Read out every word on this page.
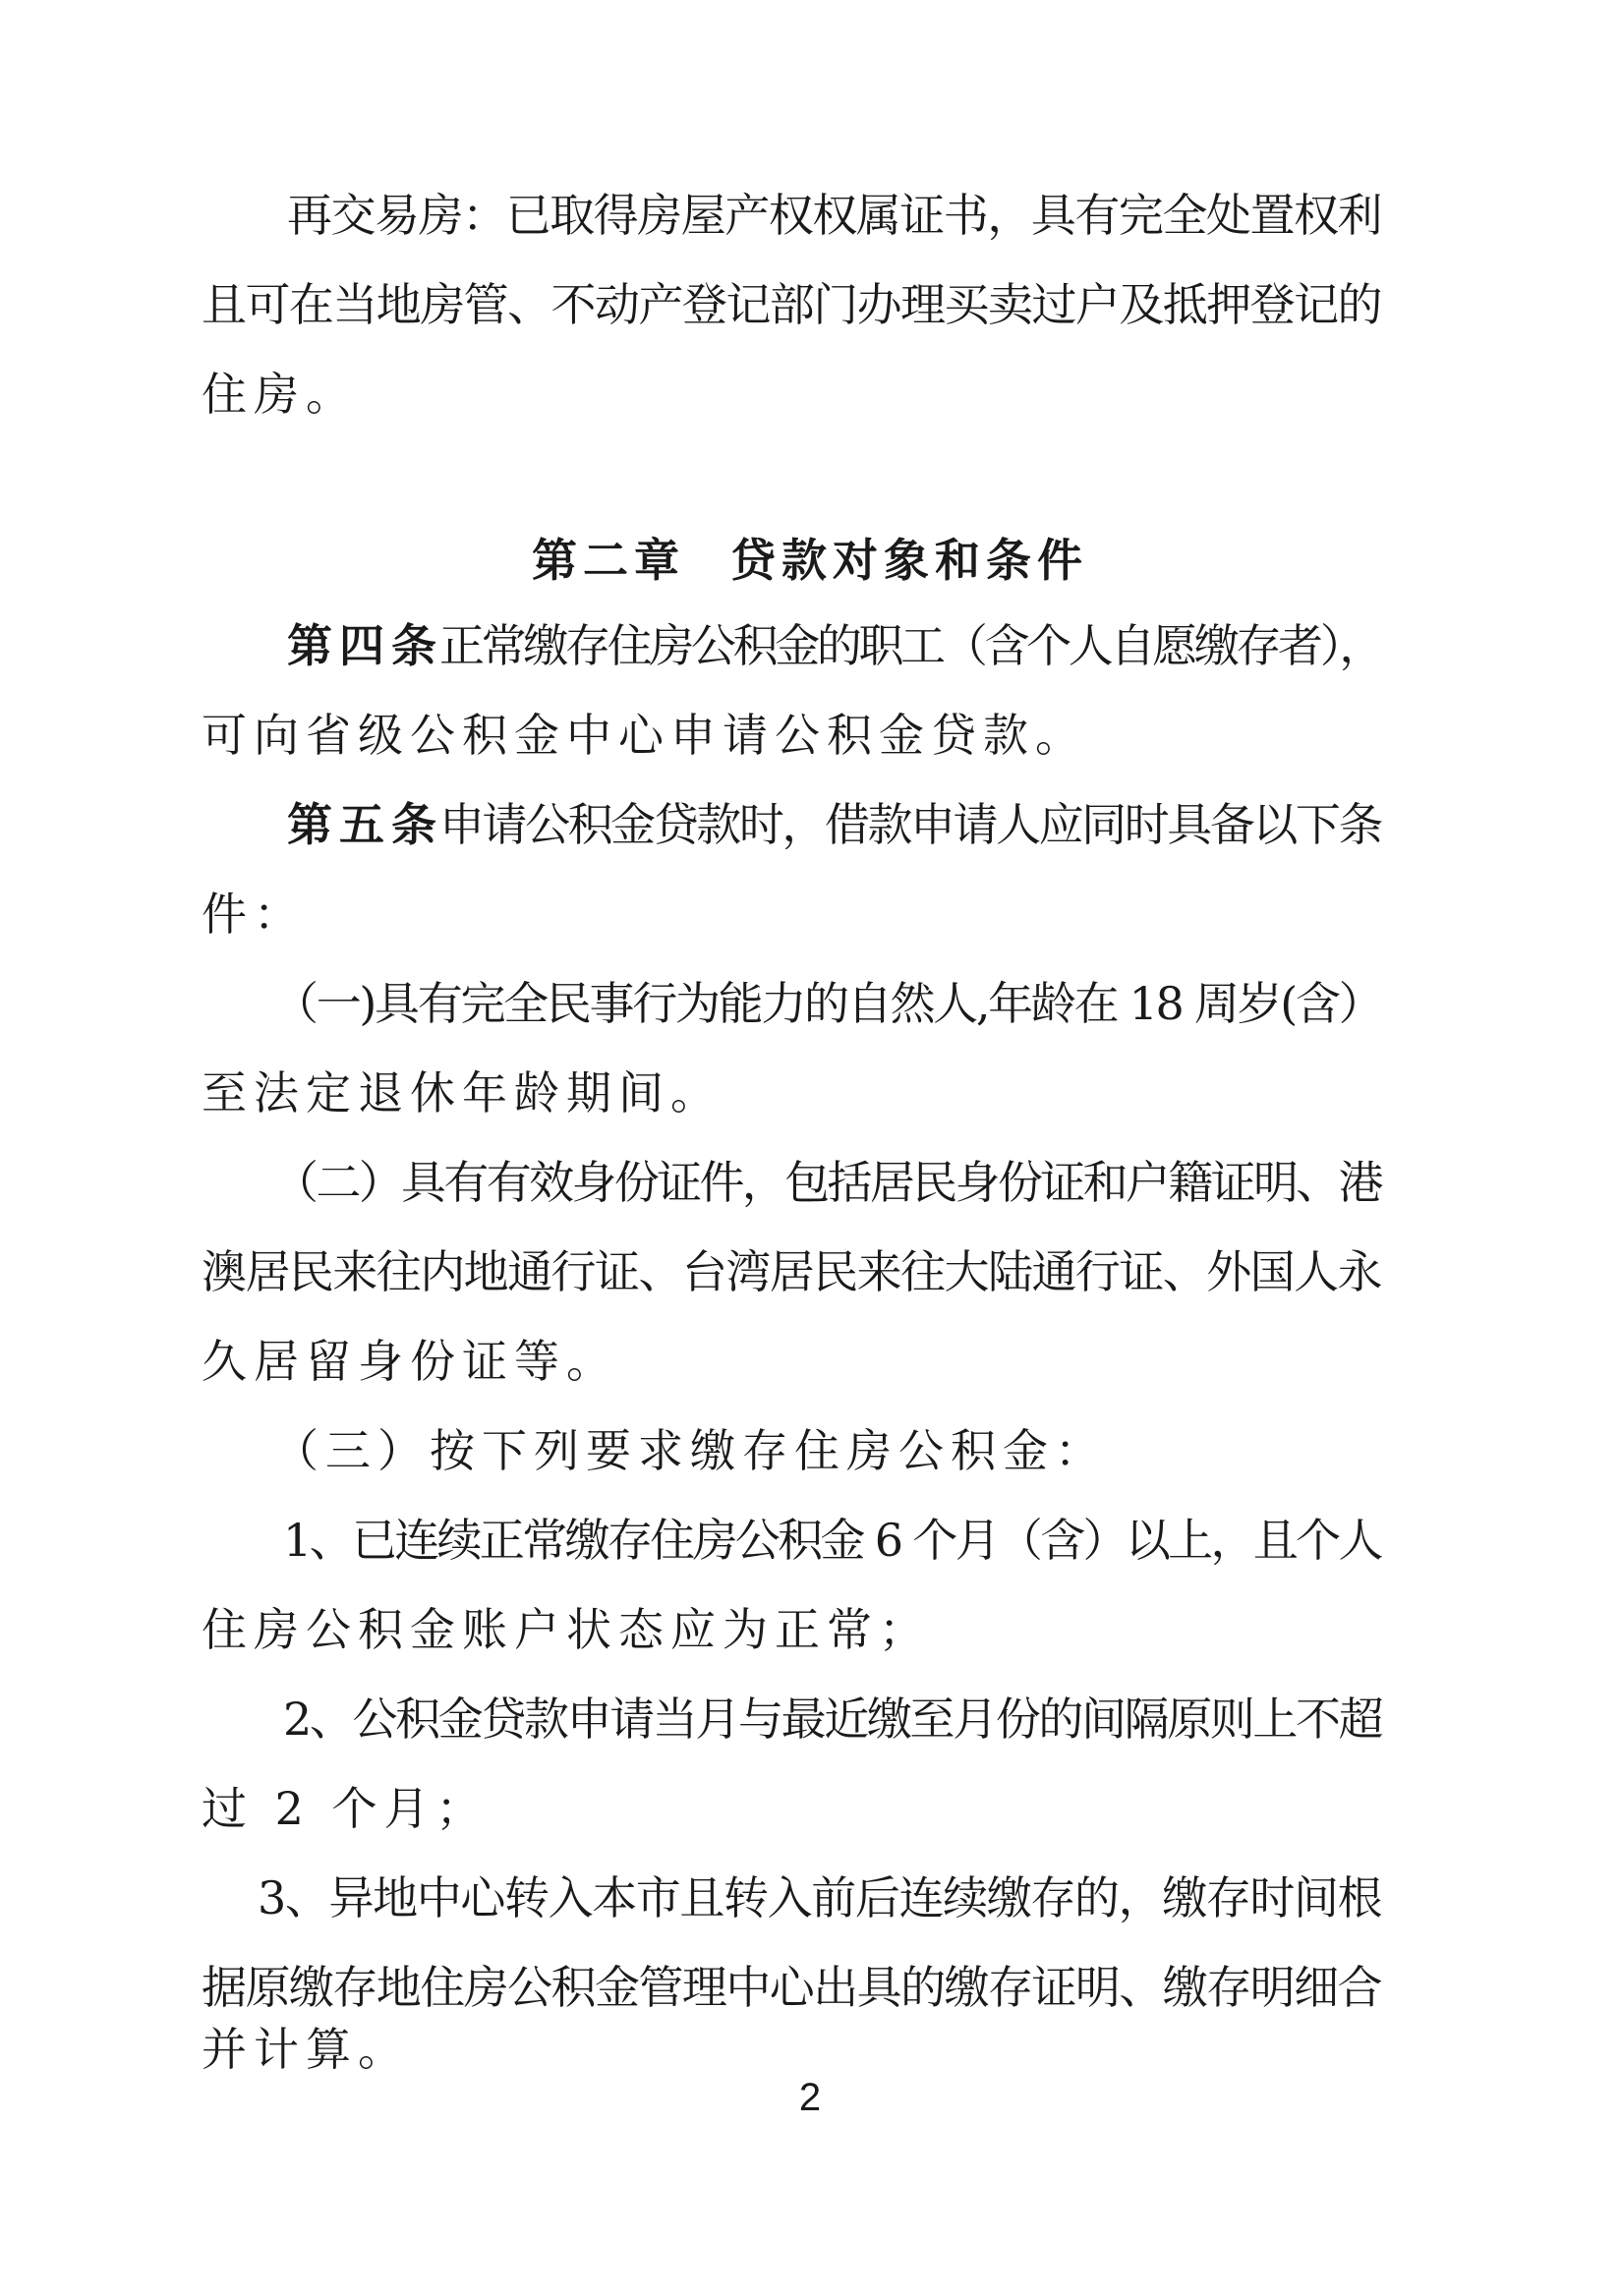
再交易房：已取得房屋产权权属证书，具有完全处置权利
且可在当地房管、不动产登记部门办理买卖过户及抵押登记的
住房。
第二章 贷款对象和条件
第四条
正常缴存住房公积金的职工（含个人自愿缴存者），
可向省级公积金中心申请公积金贷款。
第五条
申请公积金贷款时，借款申请人应同时具备以下条
件：
（一)具有完全民事行为能力的自然人,年龄在 18 周岁(含）
至法定退休年龄期间。
（二）具有有效身份证件，包括居民身份证和户籍证明、港
澳居民来往内地通行证、台湾居民来往大陆通行证、外国人永
久居留身份证等。
（三）按下列要求缴存住房公积金：
1、已连续正常缴存住房公积金 6 个月（含）以上，且个人
住房公积金账户状态应为正常；
2、公积金贷款申请当月与最近缴至月份的间隔原则上不超
过 2 个月；
3、异地中心转入本市且转入前后连续缴存的，缴存时间根
据原缴存地住房公积金管理中心出具的缴存证明、缴存明细合
并计算。
2
